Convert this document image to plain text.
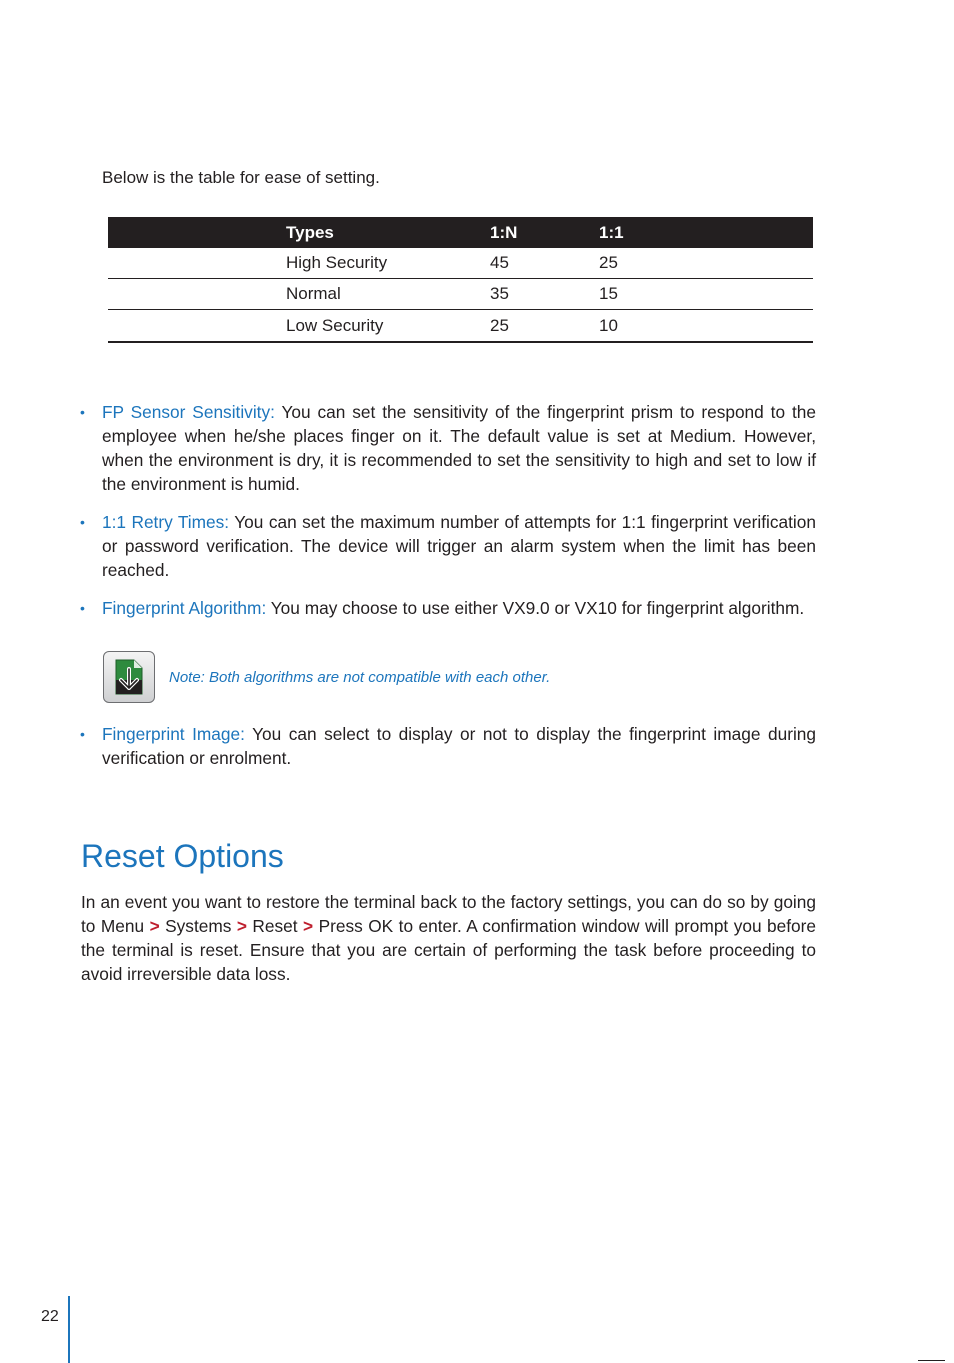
Below is the table for ease of setting.

	Types	1:N	1:1
	High Security	45	25
	Normal	35	15
	Low Security	25	10
• FP Sensor Sensitivity: You can set the sensitivity of the fingerprint prism to respond to the employee when he/she places finger on it. The default value is set at Medium. However, when the environment is dry, it is recommended to set the sensitivity to high and set to low if the environment is humid.
• 1:1 Retry Times: You can set the maximum number of attempts for 1:1 fingerprint verification or password verification. The device will trigger an alarm system when the limit has been reached.
• Fingerprint Algorithm: You may choose to use either VX9.0 or VX10 for fingerprint algorithm.
Note: Both algorithms are not compatible with each other.
• Fingerprint Image: You can select to display or not to display the fingerprint image during verification or enrolment.
Reset Options

In an event you want to restore the terminal back to the factory settings, you can do so by going to Menu > Systems > Reset > Press OK to enter. A confirmation window will prompt you before the terminal is reset. Ensure that you are certain of performing the task before proceeding to avoid irreversible data loss.

22
